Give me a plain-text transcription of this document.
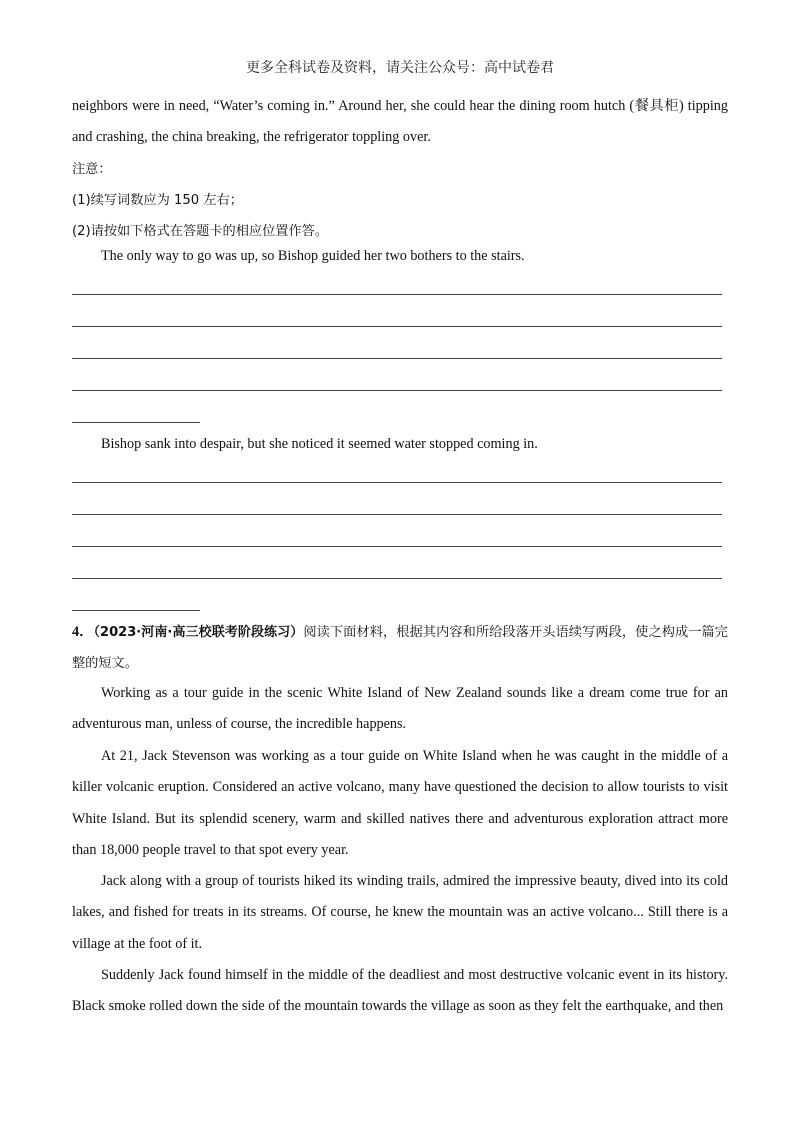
更多全科试卷及资料，请关注公众号：高中试卷君
neighbors were in need, “Water’s coming in.” Around her, she could hear the dining room hutch (餐具柜) tipping and crashing, the china breaking, the refrigerator toppling over.
注意：
(1)续写词数应为 150 左右；
(2)请按如下格式在答题卡的相应位置作答。
The only way to go was up, so Bishop guided her two bothers to the stairs.
Bishop sank into despair, but she noticed it seemed water stopped coming in.
4．（2023·河南·高三校联考阶段练习）阅读下面材料，根据其内容和所给段落开头语续写两段，使之构成一篇完整的短文。
Working as a tour guide in the scenic White Island of New Zealand sounds like a dream come true for an adventurous man, unless of course, the incredible happens.
At 21, Jack Stevenson was working as a tour guide on White Island when he was caught in the middle of a killer volcanic eruption. Considered an active volcano, many have questioned the decision to allow tourists to visit White Island. But its splendid scenery, warm and skilled natives there and adventurous exploration attract more than 18,000 people travel to that spot every year.
Jack along with a group of tourists hiked its winding trails, admired the impressive beauty, dived into its cold lakes, and fished for treats in its streams. Of course, he knew the mountain was an active volcano... Still there is a village at the foot of it.
Suddenly Jack found himself in the middle of the deadliest and most destructive volcanic event in its history. Black smoke rolled down the side of the mountain towards the village as soon as they felt the earthquake, and then
